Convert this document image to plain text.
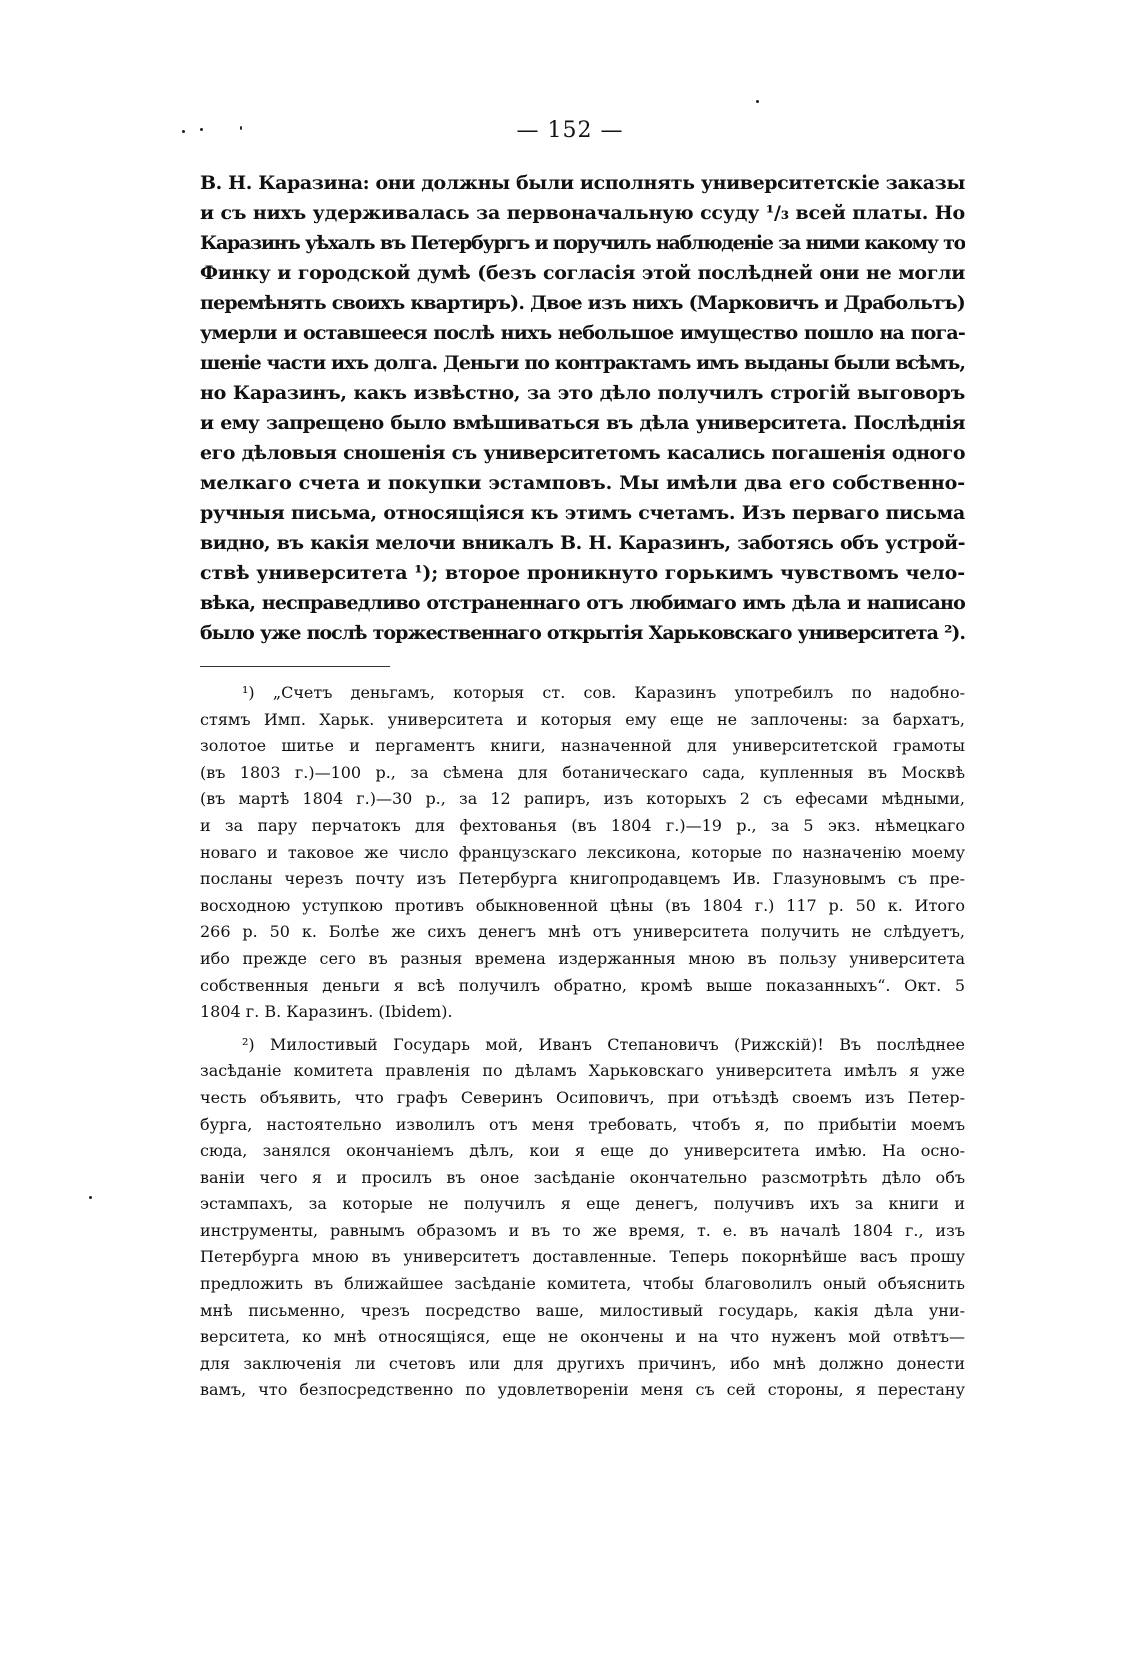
— 152 —
В. Н. Каразина: они должны были исполнять университетскіе заказы
и съ нихъ удерживалась за первоначальную ссуду ¹/₃ всей платы. Но
Каразинъ уѣхалъ въ Петербургъ и поручилъ наблюденіе за ними какому то
Финку и городской думѣ (безъ согласія этой послѣдней они не могли
перемѣнять своихъ квартиръ). Двое изъ нихъ (Марковичъ и Драбольтъ)
умерли и оставшееся послѣ нихъ небольшое имущество пошло на пога-
шеніе части ихъ долга. Деньги по контрактамъ имъ выданы были всѣмъ,
но Каразинъ, какъ извѣстно, за это дѣло получилъ строгій выговоръ
и ему запрещено было вмѣшиваться въ дѣла университета. Послѣднія
его дѣловыя сношенія съ университетомъ касались погашенія одного
мелкаго счета и покупки эстамповъ. Мы имѣли два его собственно-
ручныя письма, относящіяся къ этимъ счетамъ. Изъ перваго письма
видно, въ какія мелочи вникалъ В. Н. Каразинъ, заботясь объ устрой-
ствѣ университета ¹); второе проникнуто горькимъ чувствомъ чело-
вѣка, несправедливо отстраненнаго отъ любимаго имъ дѣла и написано
было уже послѣ торжественнаго открытія Харьковскаго университета ²).
¹) „Счетъ деньгамъ, которыя ст. сов. Каразинъ употребилъ по надобно-
стямъ Имп. Харьк. университета и которыя ему еще не заплочены: за бархатъ,
золотое шитье и пергаментъ книги, назначенной для университетской грамоты
(въ 1803 г.)—100 р., за сѣмена для ботаническаго сада, купленныя въ Москвѣ
(въ мартѣ 1804 г.)—30 р., за 12 рапиръ, изъ которыхъ 2 съ ефесами мѣдными,
и за пару перчатокъ для фехтованья (въ 1804 г.)—19 р., за 5 экз. нѣмецкаго
новаго и таковое же число французскаго лексикона, которые по назначенію моему
посланы черезъ почту изъ Петербурга книгопродавцемъ Ив. Глазуновымъ съ пре-
восходною уступкою противъ обыкновенной цѣны (въ 1804 г.) 117 р. 50 к. Итого
266 р. 50 к. Болѣе же сихъ денегъ мнѣ отъ университета получить не слѣдуетъ,
ибо прежде сего въ разныя времена издержанныя мною въ пользу университета
собственныя деньги я всѣ получилъ обратно, кромѣ выше показанныхъ“. Окт. 5
1804 г. В. Каразинъ. (Ibidem).
²) Милостивый Государь мой, Иванъ Степановичъ (Рижскій)! Въ послѣднее
засѣданіе комитета правленія по дѣламъ Харьковскаго университета имѣлъ я уже
честь объявить, что графъ Северинъ Осиповичъ, при отъѣздѣ своемъ изъ Петер-
бурга, настоятельно изволилъ отъ меня требовать, чтобъ я, по прибытіи моемъ
сюда, занялся окончаніемъ дѣлъ, кои я еще до университета имѣю. На осно-
ваніи чего я и просилъ въ оное засѣданіе окончательно разсмотрѣть дѣло объ
эстампахъ, за которые не получилъ я еще денегъ, получивъ ихъ за книги и
инструменты, равнымъ образомъ и въ то же время, т. е. въ началѣ 1804 г., изъ
Петербурга мною въ университетъ доставленные. Теперь покорнѣйше васъ прошу
предложить въ ближайшее засѣданіе комитета, чтобы благоволилъ оный объяснить
мнѣ письменно, чрезъ посредство ваше, милостивый государь, какія дѣла уни-
верситета, ко мнѣ относящіяся, еще не окончены и на что нуженъ мой отвѣтъ—
для заключенія ли счетовъ или для другихъ причинъ, ибо мнѣ должно донести
вамъ, что безпосредственно по удовлетвореніи меня съ сей стороны, я перестану
